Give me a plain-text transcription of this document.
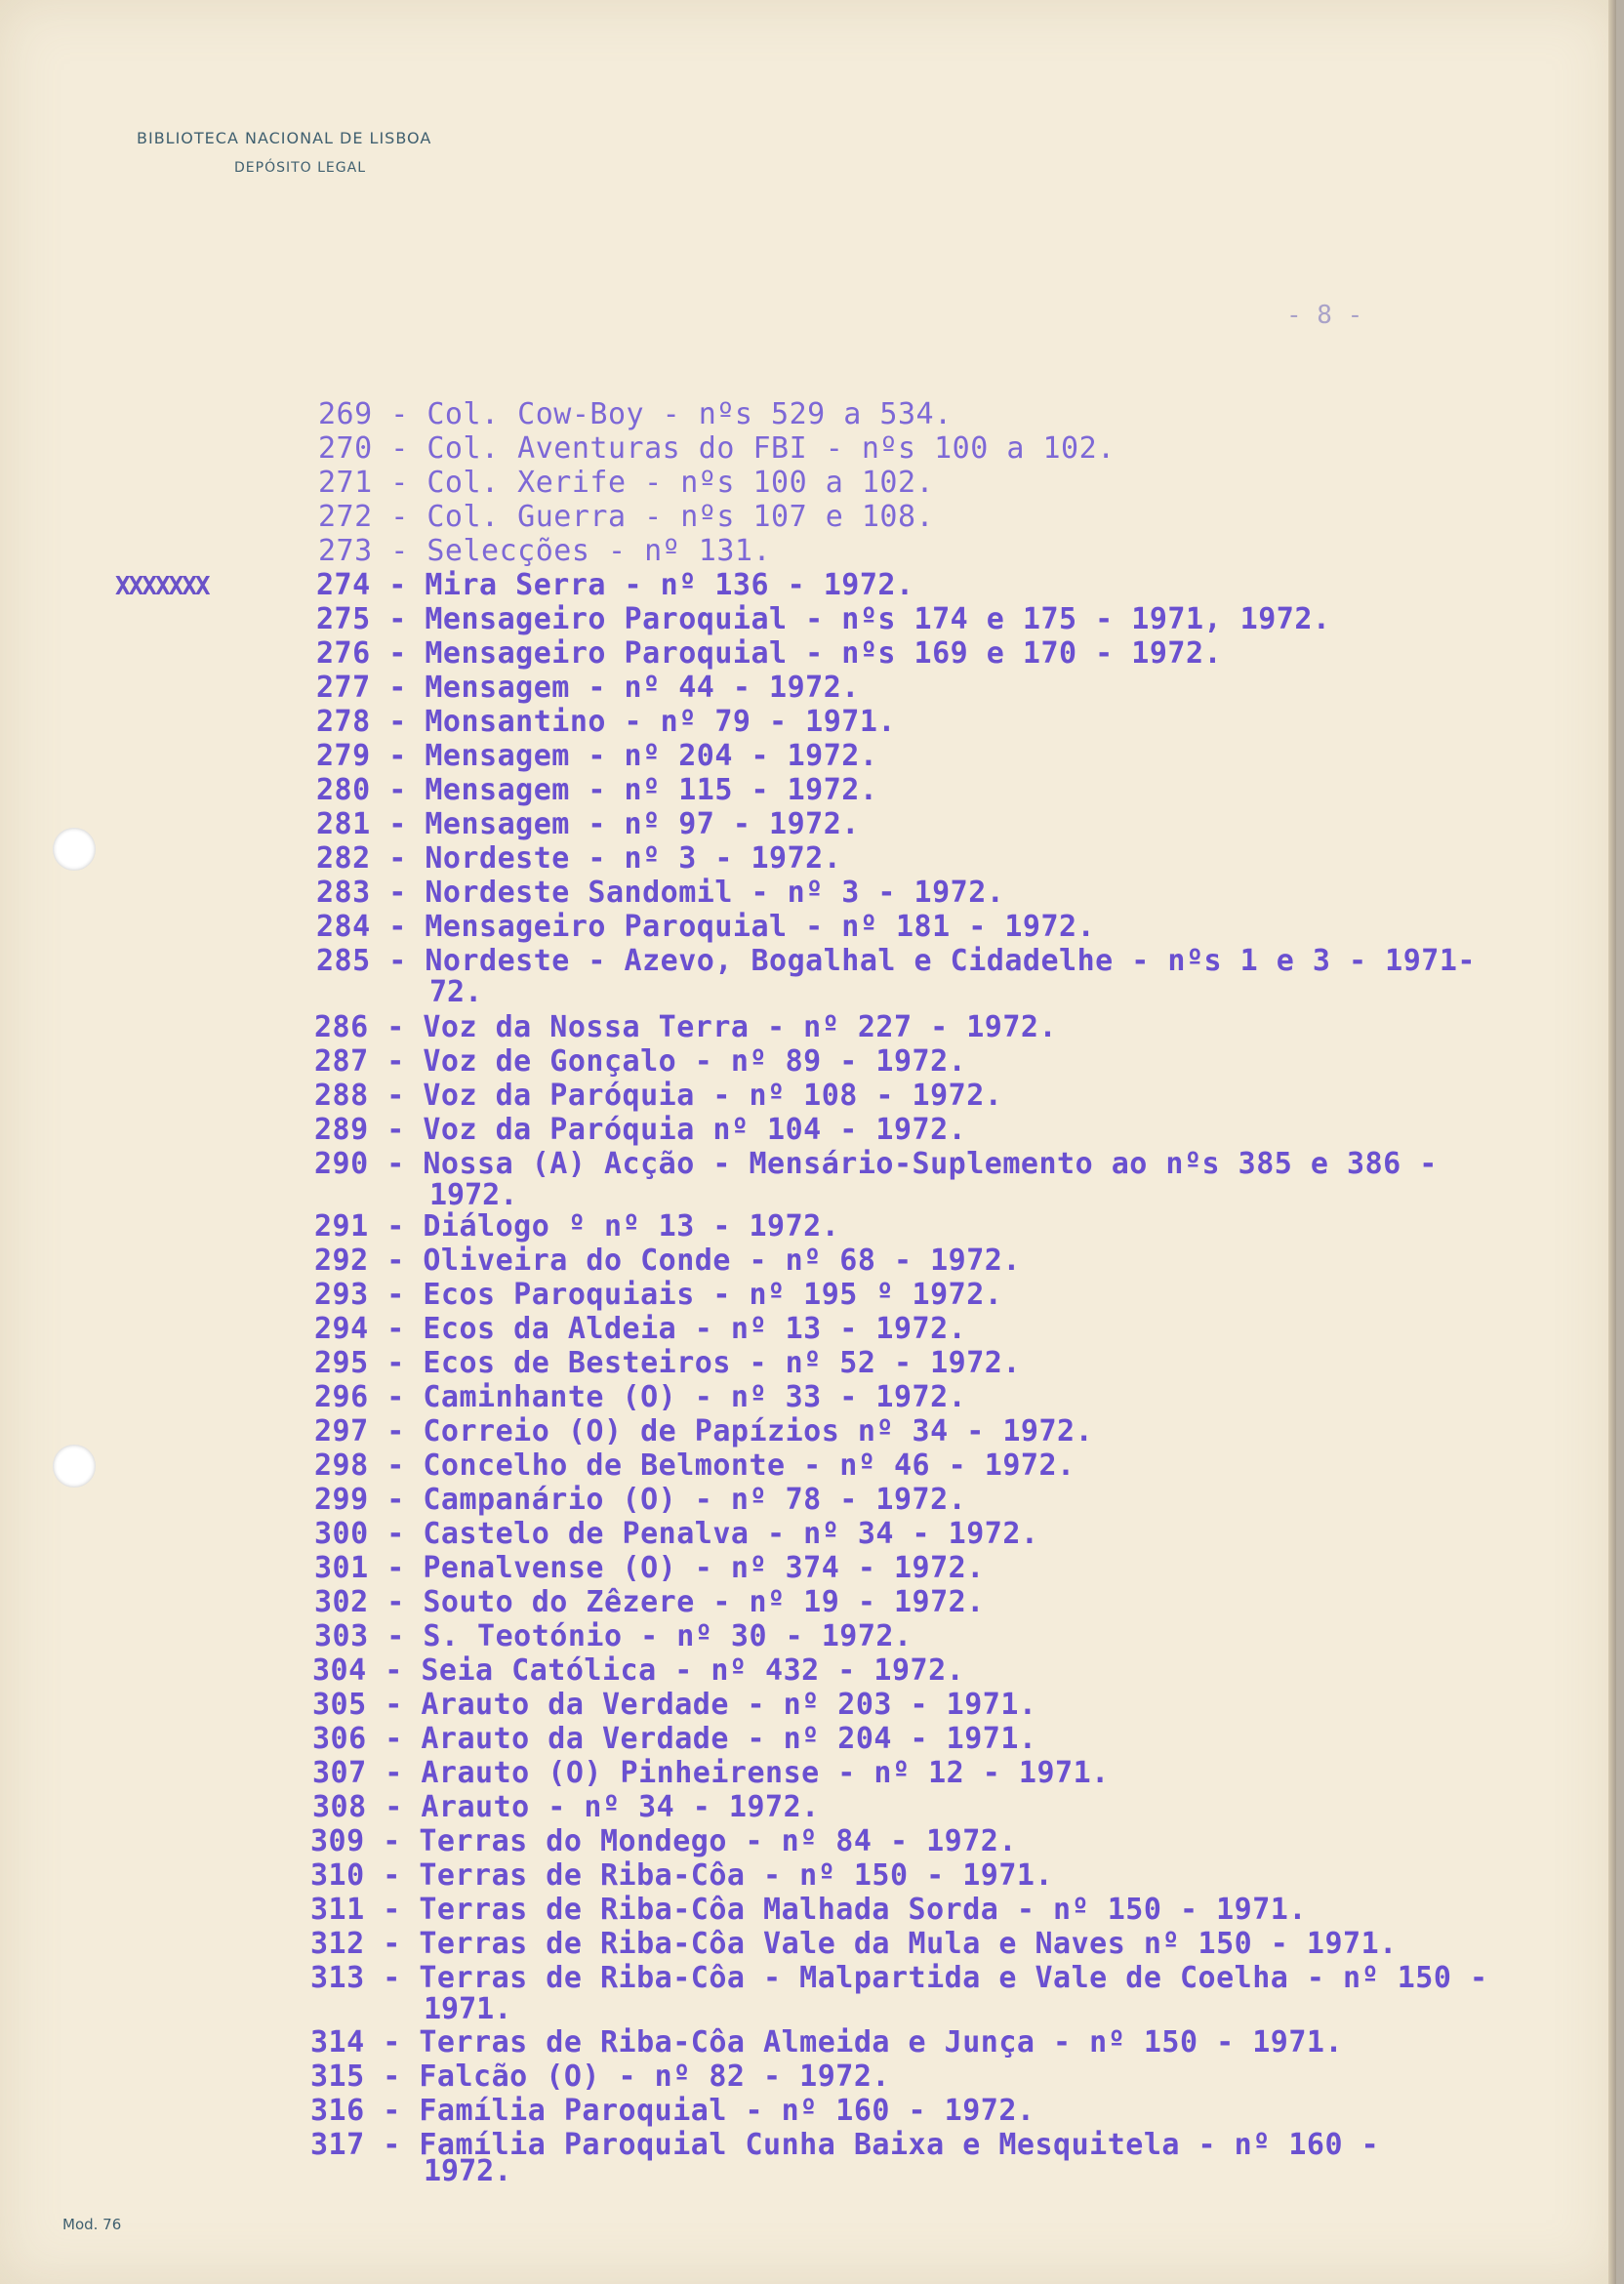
BIBLIOTECA NACIONAL DE LISBOA
DEPÓSITO LEGAL
- 8 -
XXXXXXX
269 - Col. Cow-Boy - nºs 529 a 534.
270 - Col. Aventuras do FBI - nºs 100 a 102.
271 - Col. Xerife - nºs 100 a 102.
272 - Col. Guerra - nºs 107 e 108.
273 - Selecções - nº 131.
274 - Mira Serra - nº 136 - 1972.
275 - Mensageiro Paroquial - nºs 174 e 175 - 1971, 1972.
276 - Mensageiro Paroquial - nºs 169 e 170 - 1972.
277 - Mensagem - nº 44 - 1972.
278 - Monsantino - nº 79 - 1971.
279 - Mensagem - nº 204 - 1972.
280 - Mensagem - nº 115 - 1972.
281 - Mensagem - nº 97 - 1972.
282 - Nordeste - nº 3 - 1972.
283 - Nordeste Sandomil - nº 3 - 1972.
284 - Mensageiro Paroquial - nº 181 - 1972.
285 - Nordeste - Azevo, Bogalhal e Cidadelhe - nºs 1 e 3 - 1971-
72.
286 - Voz da Nossa Terra - nº 227 - 1972.
287 - Voz de Gonçalo - nº 89 - 1972.
288 - Voz da Paróquia - nº 108 - 1972.
289 - Voz da Paróquia nº 104 - 1972.
290 - Nossa (A) Acção - Mensário-Suplemento ao nºs 385 e 386 -
1972.
291 - Diálogo º nº 13 - 1972.
292 - Oliveira do Conde - nº 68 - 1972.
293 - Ecos Paroquiais - nº 195 º 1972.
294 - Ecos da Aldeia - nº 13 - 1972.
295 - Ecos de Besteiros - nº 52 - 1972.
296 - Caminhante (O) - nº 33 - 1972.
297 - Correio (O) de Papízios nº 34 - 1972.
298 - Concelho de Belmonte - nº 46 - 1972.
299 - Campanário (O) - nº 78 - 1972.
300 - Castelo de Penalva - nº 34 - 1972.
301 - Penalvense (O) - nº 374 - 1972.
302 - Souto do Zêzere - nº 19 - 1972.
303 - S. Teotónio - nº 30 - 1972.
304 - Seia Católica - nº 432 - 1972.
305 - Arauto da Verdade - nº 203 - 1971.
306 - Arauto da Verdade - nº 204 - 1971.
307 - Arauto (O) Pinheirense - nº 12 - 1971.
308 - Arauto - nº 34 - 1972.
309 - Terras do Mondego - nº 84 - 1972.
310 - Terras de Riba-Côa - nº 150 - 1971.
311 - Terras de Riba-Côa Malhada Sorda - nº 150 - 1971.
312 - Terras de Riba-Côa Vale da Mula e Naves nº 150 - 1971.
313 - Terras de Riba-Côa - Malpartida e Vale de Coelha - nº 150 -
1971.
314 - Terras de Riba-Côa Almeida e Junça - nº 150 - 1971.
315 - Falcão (O) - nº 82 - 1972.
316 - Família Paroquial - nº 160 - 1972.
317 - Família Paroquial Cunha Baixa e Mesquitela - nº 160 -
1972.
Mod. 76
